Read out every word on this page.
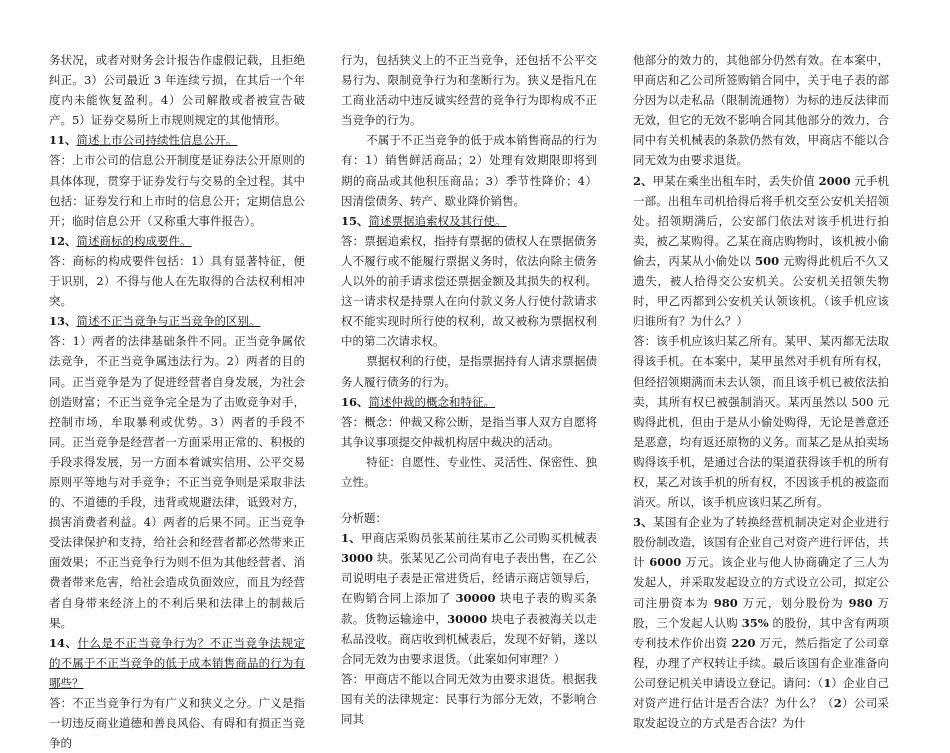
务状况，或者对财务会计报告作虚假记载，且拒绝纠正。3）公司最近 3 年连续亏损，在其后一个年度内未能恢复盈利。4）公司解散或者被宣告破产。5）证券交易所上市规则规定的其他情形。

11、简述上市公司持续性信息公开。

答：上市公司的信息公开制度是证券法公开原则的具体体现，贯穿于证券发行与交易的全过程。其中包括：证券发行和上市时的信息公开；定期信息公开；临时信息公开（又称重大事件报告）。

12、简述商标的构成要件。

答：商标的构成要件包括：1）具有显著特征，便于识别，2）不得与他人在先取得的合法权利相冲突。

13、简述不正当竞争与正当竞争的区别。

答：1）两者的法律基础条件不同。正当竞争属依法竞争，不正当竞争属违法行为。2）两者的目的同。正当竞争是为了促进经营者自身发展，为社会创造财富；不正当竞争完全是为了击败竞争对手，控制市场，牟取暴利或优势。3）两者的手段不同。正当竞争是经营者一方面采用正常的、积极的手段求得发展，另一方面本着诚实信用、公平交易原则平等地与对手竞争；不正当竞争则是采取非法的、不道德的手段，违背或规避法律，诋毁对方，损害消费者利益。4）两者的后果不同。正当竞争受法律保护和支持，给社会和经营者都必然带来正面效果；不正当竞争行为则不但为其他经营者、消费者带来危害，给社会造成负面效应，而且为经营者自身带来经济上的不利后果和法律上的制裁后果。

14、什么是不正当竞争行为？不正当竞争法规定的不属于不正当竞争的低于成本销售商品的行为有哪些？

答：不正当竞争行为有广义和狭义之分。广义是指一切违反商业道德和善良风俗、有碍和有损正当竞争的

行为，包括狭义上的不正当竞争，还包括不公平交易行为、限制竞争行为和垄断行为。狭义是指凡在工商业活动中违反诚实经营的竞争行为即构成不正当竞争的行为。

不属于不正当竞争的低于成本销售商品的行为有：1）销售鲜活商品；2）处理有效期限即将到期的商品或其他积压商品；3）季节性降价；4）因清偿债务、转产、歇业降价销售。

15、简述票据追索权及其行使。

答：票据追索权，指持有票据的债权人在票据债务人不履行或不能履行票据义务时，依法向除主债务人以外的前手请求偿还票据金额及其损失的权利。这一请求权是持票人在向付款义务人行使付款请求权不能实现时所行使的权利，故又被称为票据权利中的第二次请求权。

票据权利的行使，是指票据持有人请求票据债务人履行债务的行为。

16、简述仲裁的概念和特征。

答：概念：仲裁又称公断，是指当事人双方自愿将其争议事项提交仲裁机构居中裁决的活动。

特征：自愿性、专业性、灵活性、保密性、独立性。

分析题：

1、甲商店采购员张某前往某市乙公司购买机械表 3000 块。张某见乙公司尚有电子表出售，在乙公司说明电子表是正常进货后，经请示商店领导后，在购销合同上添加了 30000 块电子表的购买条款。货物运输途中，30000 块电子表被海关以走私品没收。商店收到机械表后，发现不好销，遂以合同无效为由要求退货。（此案如何审理？）

答：甲商店不能以合同无效为由要求退货。根据我国有关的法律规定：民事行为部分无效，不影响合同其

他部分的效力的，其他部分仍然有效。在本案中，甲商店和乙公司所签购销合同中，关于电子表的部分因为以走私品（限制流通物）为标的违反法律而无效，但它的无效不影响合同其他部分的效力，合同中有关机械表的条款仍然有效，甲商店不能以合同无效为由要求退货。

2、甲某在乘坐出租车时，丢失价值 2000 元手机一部。出租车司机拾得后将手机交至公安机关招领处。招领期满后，公安部门依法对该手机进行拍卖，被乙某购得。乙某在商店购物时，该机被小偷偷去，丙某从小偷处以 500 元购得此机后不久又遗失，被人拾得交公安机关。公安机关招领失物时，甲乙丙都到公安机关认领该机。（该手机应该归谁所有？为什么？）

答：该手机应该归某乙所有。某甲、某丙都无法取得该手机。在本案中，某甲虽然对手机有所有权，但经招领期满而未去认领，而且该手机已被依法拍卖，其所有权已被强制消灭。某丙虽然以 500 元购得此机，但由于是从小偷处购得，无论是善意还是恶意，均有返还原物的义务。而某乙是从拍卖场购得该手机，是通过合法的渠道获得该手机的所有权，某乙对该手机的所有权，不因该手机的被盗而消灭。所以，该手机应该归某乙所有。

3、某国有企业为了转换经营机制决定对企业进行股份制改造，该国有企业自己对资产进行评估，共计 6000 万元。该企业与他人协商确定了三人为发起人，并采取发起设立的方式设立公司，拟定公司注册资本为 980 万元，划分股份为 980 万股，三个发起人认购 35% 的股份，其中含有两项专利技术作价出资 220 万元，然后指定了公司章程，办理了产权转让手续。最后该国有企业准备向公司登记机关申请设立登记。请问：（1）企业自己对资产进行估计是否合法？为什么？（2）公司采取发起设立的方式是否合法？为什
